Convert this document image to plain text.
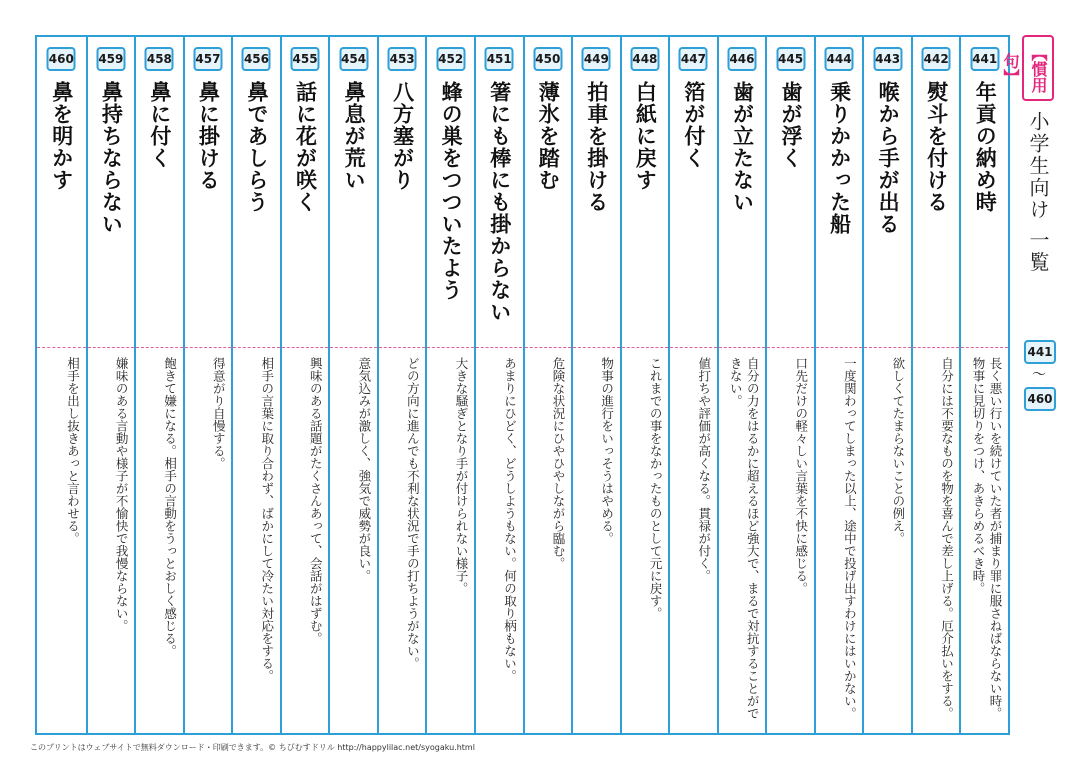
441
年貢の納め時
長く悪い行いを続けていた者が捕まり罪に服さねばならない時。物事に見切りをつけ、あきらめるべき時。
442
熨斗を付ける
自分には不要なものを物を喜んで差し上げる。厄介払いをする。
443
喉から手が出る
欲しくてたまらないことの例え。
444
乗りかかった船
一度関わってしまった以上、途中で投げ出すわけにはいかない。
445
歯が浮く
口先だけの軽々しい言葉を不快に感じる。
446
歯が立たない
自分の力をはるかに超えるほど強大で、まるで対抗することができない。
447
箔が付く
値打ちや評価が高くなる。貫禄が付く。
448
白紙に戻す
これまでの事をなかったものとして元に戻す。
449
拍車を掛ける
物事の進行をいっそうはやめる。
450
薄氷を踏む
危険な状況にひやひやしながら臨む。
451
箸にも棒にも掛からない
あまりにひどく、どうしようもない。何の取り柄もない。
452
蜂の巣をつついたよう
大きな騒ぎとなり手が付けられない様子。
453
八方塞がり
どの方向に進んでも不利な状況で手の打ちようがない。
454
鼻息が荒い
意気込みが激しく、強気で威勢が良い。
455
話に花が咲く
興味のある話題がたくさんあって、会話がはずむ。
456
鼻であしらう
相手の言葉に取り合わず、ばかにして冷たい対応をする。
457
鼻に掛ける
得意がり自慢する。
458
鼻に付く
飽きて嫌になる。相手の言動をうっとおしく感じる。
459
鼻持ちならない
嫌味のある言動や様子が不愉快で我慢ならない。
460
鼻を明かす
相手を出し抜きあっと言わせる。
【慣用句】
小学生向け 一覧
441
〜
460
このプリントはウェブサイトで無料ダウンロード・印刷できます。© ちびむすドリル http://happylilac.net/syogaku.html
